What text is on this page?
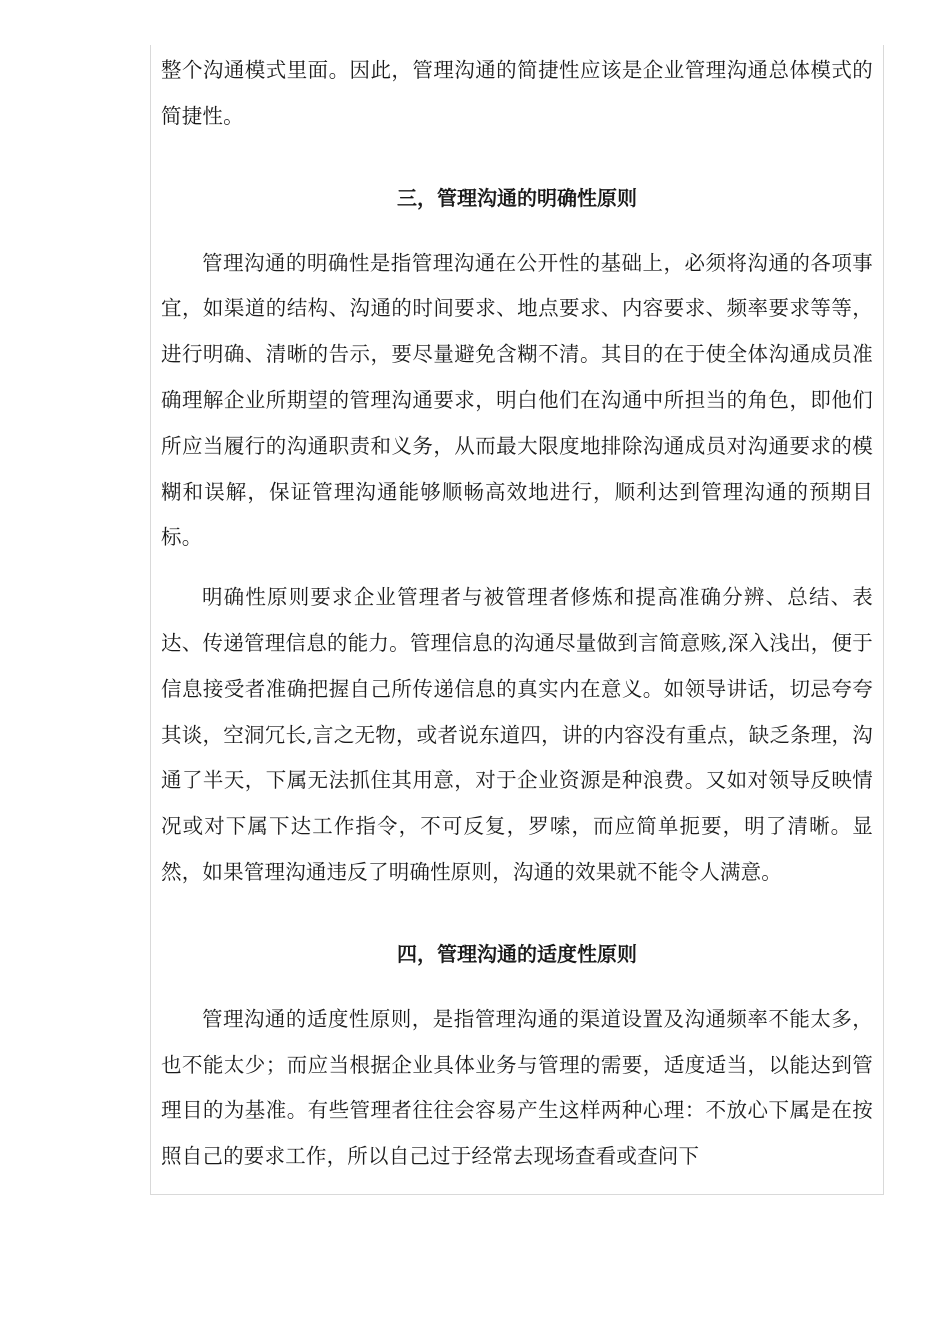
整个沟通模式里面。因此，管理沟通的简捷性应该是企业管理沟通总体模式的简捷性。

三，管理沟通的明确性原则

管理沟通的明确性是指管理沟通在公开性的基础上，必须将沟通的各项事宜，如渠道的结构、沟通的时间要求、地点要求、内容要求、频率要求等等，进行明确、清晰的告示，要尽量避免含糊不清。其目的在于使全体沟通成员准确理解企业所期望的管理沟通要求，明白他们在沟通中所担当的角色，即他们所应当履行的沟通职责和义务，从而最大限度地排除沟通成员对沟通要求的模糊和误解，保证管理沟通能够顺畅高效地进行，顺利达到管理沟通的预期目标。

明确性原则要求企业管理者与被管理者修炼和提高准确分辨、总结、表达、传递管理信息的能力。管理信息的沟通尽量做到言简意赅,深入浅出，便于信息接受者准确把握自己所传递信息的真实内在意义。如领导讲话，切忌夸夸其谈，空洞冗长,言之无物，或者说东道四，讲的内容没有重点，缺乏条理，沟通了半天，下属无法抓住其用意，对于企业资源是种浪费。又如对领导反映情况或对下属下达工作指令，不可反复，罗嗦，而应简单扼要，明了清晰。显然，如果管理沟通违反了明确性原则，沟通的效果就不能令人满意。

四，管理沟通的适度性原则

管理沟通的适度性原则，是指管理沟通的渠道设置及沟通频率不能太多，也不能太少；而应当根据企业具体业务与管理的需要，适度适当，以能达到管理目的为基准。有些管理者往往会容易产生这样两种心理：不放心下属是在按照自己的要求工作，所以自己过于经常去现场查看或查问下
